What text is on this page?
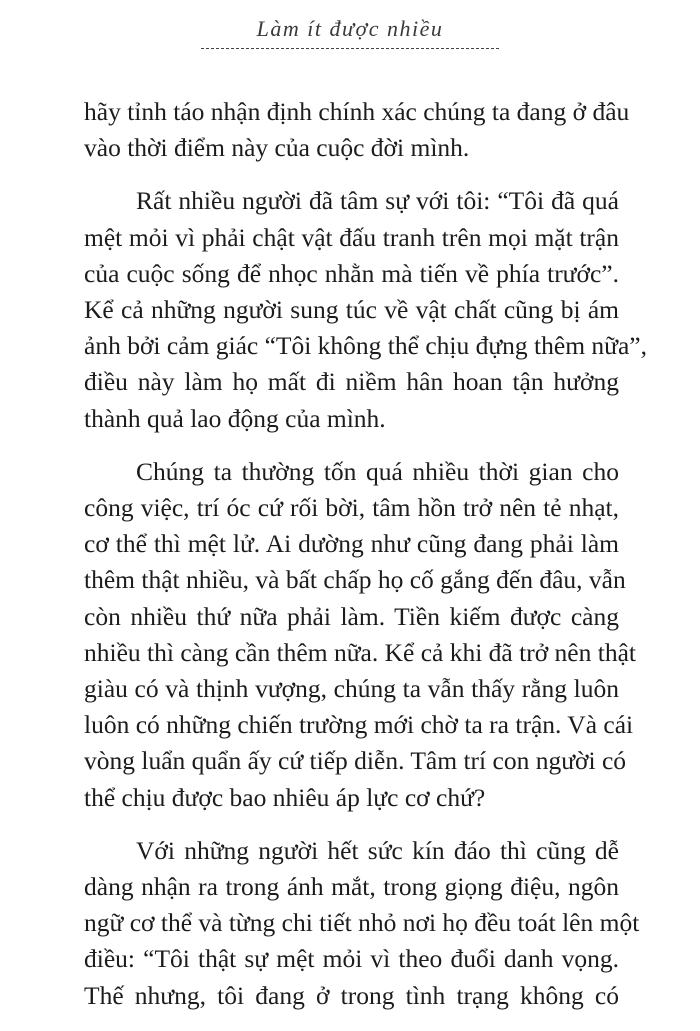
Làm ít được nhiều

hãy tỉnh táo nhận định chính xác chúng ta đang ở đâu
vào thời điểm này của cuộc đời mình.

Rất nhiều người đã tâm sự với tôi: “Tôi đã quá
mệt mỏi vì phải chật vật đấu tranh trên mọi mặt trận
của cuộc sống để nhọc nhằn mà tiến về phía trước”.
Kể cả những người sung túc về vật chất cũng bị ám
ảnh bởi cảm giác “Tôi không thể chịu đựng thêm nữa”,
điều này làm họ mất đi niềm hân hoan tận hưởng
thành quả lao động của mình.

Chúng ta thường tốn quá nhiều thời gian cho
công việc, trí óc cứ rối bời, tâm hồn trở nên tẻ nhạt,
cơ thể thì mệt lử. Ai dường như cũng đang phải làm
thêm thật nhiều, và bất chấp họ cố gắng đến đâu, vẫn
còn nhiều thứ nữa phải làm. Tiền kiếm được càng
nhiều thì càng cần thêm nữa. Kể cả khi đã trở nên thật
giàu có và thịnh vượng, chúng ta vẫn thấy rằng luôn
luôn có những chiến trường mới chờ ta ra trận. Và cái
vòng luẩn quẩn ấy cứ tiếp diễn. Tâm trí con người có
thể chịu được bao nhiêu áp lực cơ chứ?

Với những người hết sức kín đáo thì cũng dễ
dàng nhận ra trong ánh mắt, trong giọng điệu, ngôn
ngữ cơ thể và từng chi tiết nhỏ nơi họ đều toát lên một
điều: “Tôi thật sự mệt mỏi vì theo đuổi danh vọng.
Thế nhưng, tôi đang ở trong tình trạng không có
